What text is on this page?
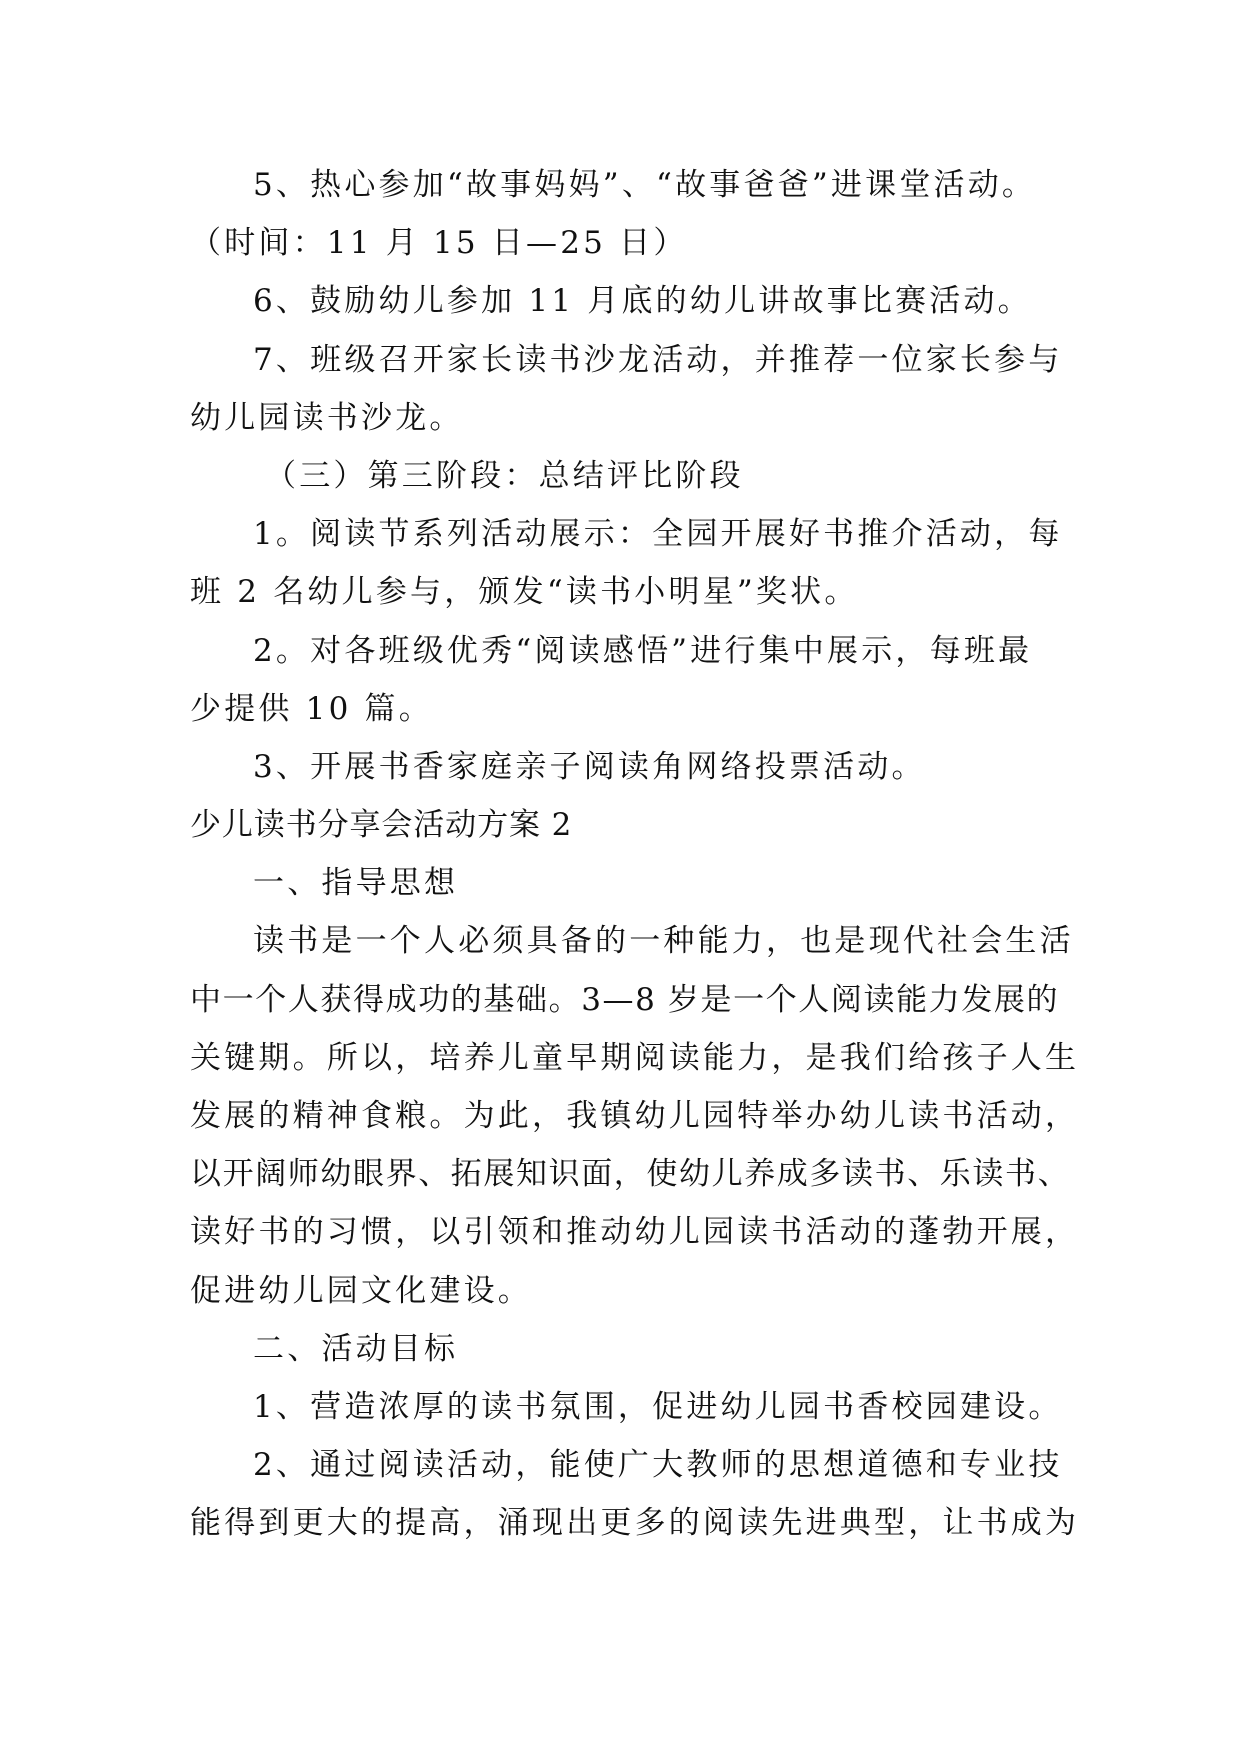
5、热心参加“故事妈妈”、“故事爸爸”进课堂活动。
（时间：11 月 15 日—25 日）
6、鼓励幼儿参加 11 月底的幼儿讲故事比赛活动。
7、班级召开家长读书沙龙活动，并推荐一位家长参与
幼儿园读书沙龙。
（三）第三阶段：总结评比阶段
1。阅读节系列活动展示：全园开展好书推介活动，每
班 2 名幼儿参与，颁发“读书小明星”奖状。
2。对各班级优秀“阅读感悟”进行集中展示，每班最
少提供 10 篇。
3、开展书香家庭亲子阅读角网络投票活动。
少儿读书分享会活动方案 2
一、指导思想
读书是一个人必须具备的一种能力，也是现代社会生活
中一个人获得成功的基础。3—8 岁是一个人阅读能力发展的
关键期。所以，培养儿童早期阅读能力，是我们给孩子人生
发展的精神食粮。为此，我镇幼儿园特举办幼儿读书活动，
以开阔师幼眼界、拓展知识面，使幼儿养成多读书、乐读书、
读好书的习惯，以引领和推动幼儿园读书活动的蓬勃开展，
促进幼儿园文化建设。
二、活动目标
1、营造浓厚的读书氛围，促进幼儿园书香校园建设。
2、通过阅读活动，能使广大教师的思想道德和专业技
能得到更大的提高，涌现出更多的阅读先进典型，让书成为
